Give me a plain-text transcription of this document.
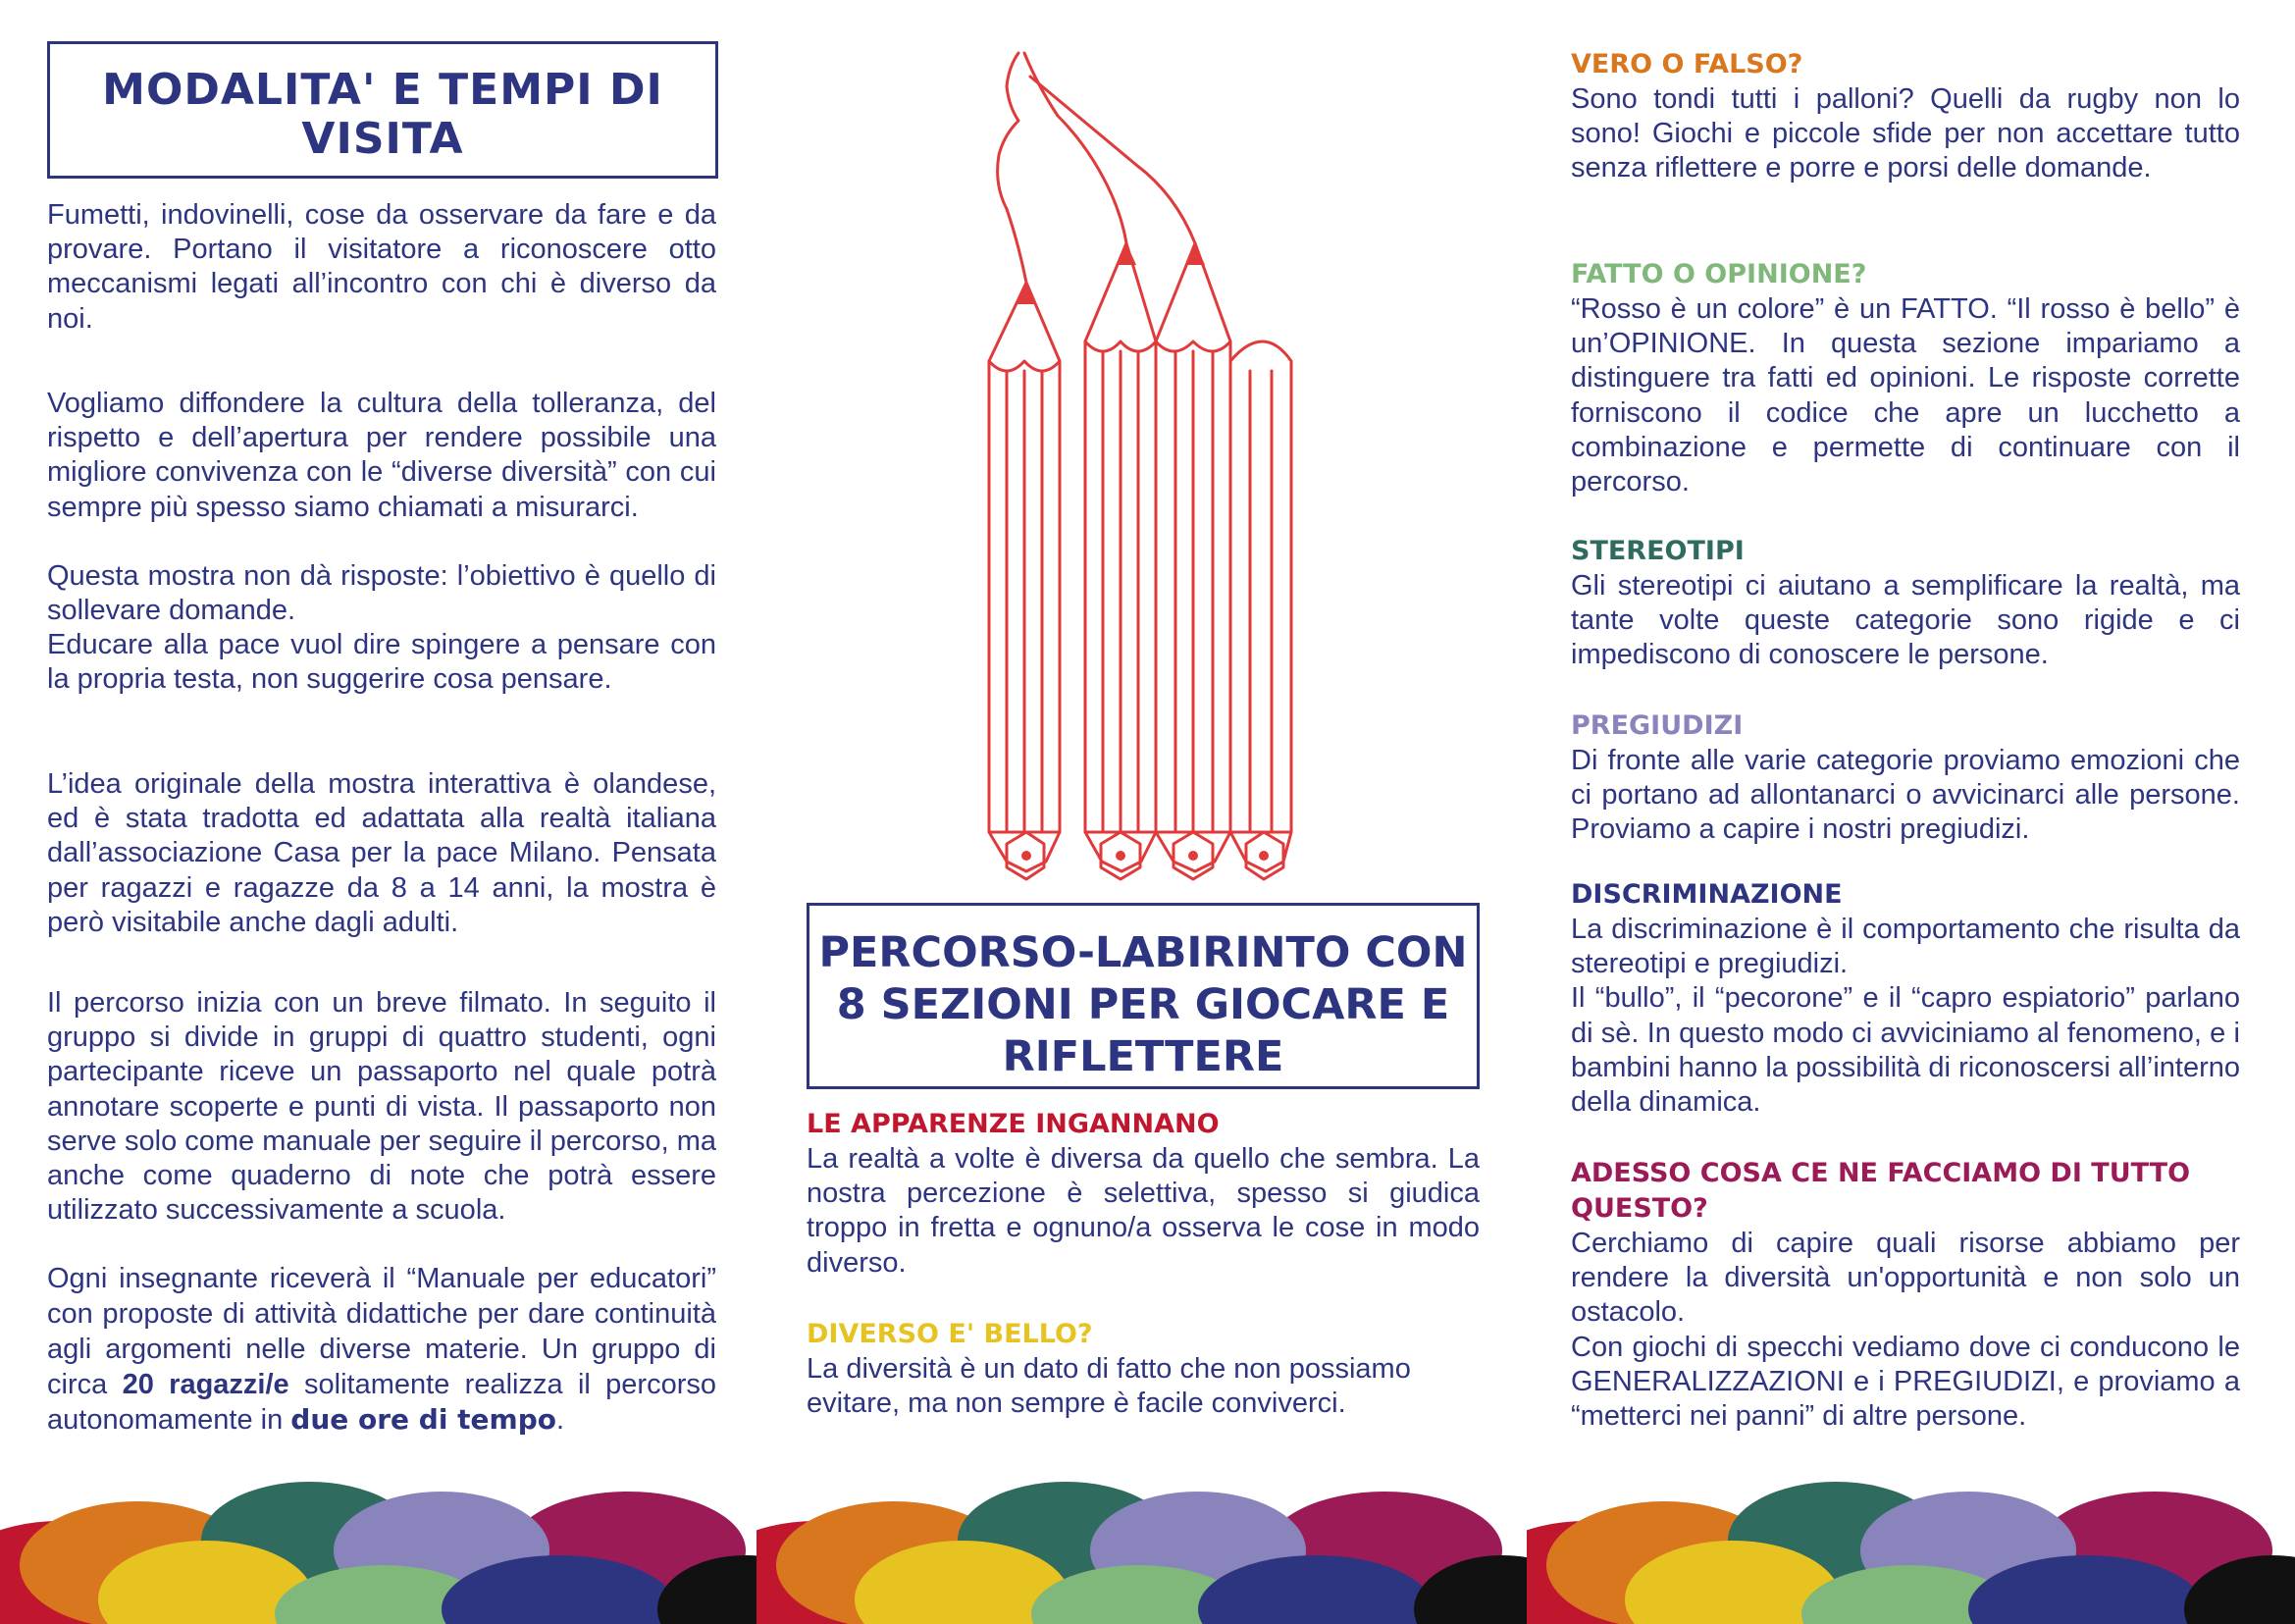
MODALITA' E TEMPI DI VISITA

Fumetti, indovinelli, cose da osservare da fare e da provare. Portano il visitatore a riconoscere otto meccanismi legati all’incontro con chi è diverso da noi.

Vogliamo diffondere la cultura della tolleranza, del rispetto e dell’apertura per rendere possibile una migliore convivenza con le “diverse diversità” con cui sempre più spesso siamo chiamati a misurarci.

Questa mostra non dà risposte: l’obiettivo è quello di sollevare domande.

Educare alla pace vuol dire spingere a pensare con la propria testa, non suggerire cosa pensare.

L’idea originale della mostra interattiva è olandese, ed è stata tradotta ed adattata alla realtà italiana dall’associazione Casa per la pace Milano. Pensata per ragazzi e ragazze da 8 a 14 anni, la mostra è però visitabile anche dagli adulti.

Il percorso inizia con un breve filmato. In seguito il gruppo si divide in gruppi di quattro studenti, ogni partecipante riceve un passaporto nel quale potrà annotare scoperte e punti di vista. Il passaporto non serve solo come manuale per seguire il percorso, ma anche come quaderno di note che potrà essere utilizzato successivamente a scuola.

Ogni insegnante riceverà il “Manuale per educatori” con proposte di attività didattiche per dare continuità agli argomenti nelle diverse materie. Un gruppo di circa 20 ragazzi/e solitamente realizza il percorso autonomamente in due ore di tempo.

PERCORSO-LABIRINTO CON 8 SEZIONI PER GIOCARE E RIFLETTERE
LE APPARENZE INGANNANO

La realtà a volte è diversa da quello che sembra. La nostra percezione è selettiva, spesso si giudica troppo in fretta e ognuno/a osserva le cose in modo diverso.

DIVERSO E' BELLO?

La diversità è un dato di fatto che non possiamo evitare, ma non sempre è facile conviverci.

VERO O FALSO?

Sono tondi tutti i palloni? Quelli da rugby non lo sono! Giochi e piccole sfide per non accettare tutto senza riflettere e porre e porsi delle domande.

FATTO O OPINIONE?

“Rosso è un colore” è un FATTO. “Il rosso è bello” è un’OPINIONE. In questa sezione impariamo a distinguere tra fatti ed opinioni. Le risposte corrette forniscono il codice che apre un lucchetto a combinazione e permette di continuare con il percorso.

STEREOTIPI

Gli stereotipi ci aiutano a semplificare la realtà, ma tante volte queste categorie sono rigide e ci impediscono di conoscere le persone.

PREGIUDIZI

Di fronte alle varie categorie proviamo emozioni che ci portano ad allontanarci o avvicinarci alle persone. Proviamo a capire i nostri pregiudizi.

DISCRIMINAZIONE

La discriminazione è il comportamento che risulta da stereotipi e pregiudizi.

Il “bullo”, il “pecorone” e il “capro espiatorio” parlano di sè. In questo modo ci avviciniamo al fenomeno, e i bambini hanno la possibilità di riconoscersi all’interno della dinamica.

ADESSO COSA CE NE FACCIAMO DI TUTTO QUESTO?

Cerchiamo di capire quali risorse abbiamo per rendere la diversità un'opportunità e non solo un ostacolo.

Con giochi di specchi vediamo dove ci conducono le GENERALIZZAZIONI e i PREGIUDIZI, e proviamo a “metterci nei panni” di altre persone.
